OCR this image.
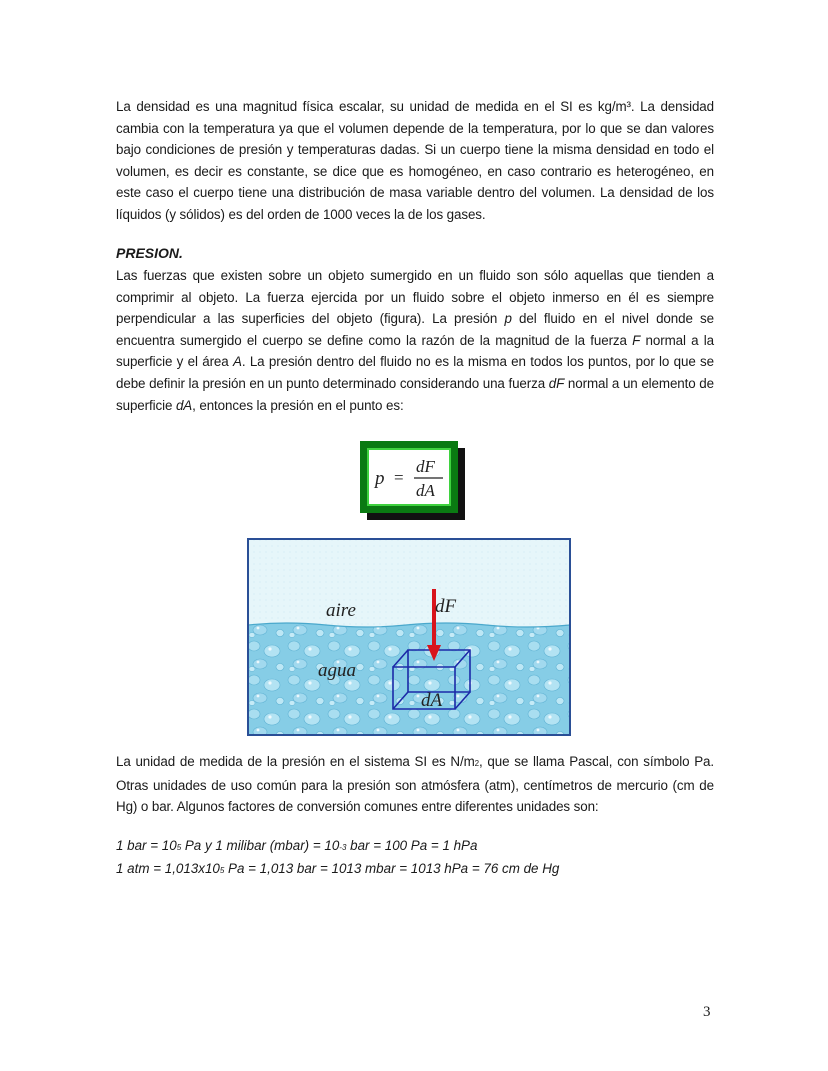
La densidad es una magnitud física escalar, su unidad de medida en el SI es kg/m³. La densidad cambia con la temperatura ya que el volumen depende de la temperatura, por lo que se dan valores bajo condiciones de presión y temperaturas dadas. Si un cuerpo tiene la misma densidad en todo el volumen, es decir es constante, se dice que es homogéneo, en caso contrario es heterogéneo, en este caso el cuerpo tiene una distribución de masa variable dentro del volumen. La densidad de los líquidos (y sólidos) es del orden de 1000 veces la de los gases.

PRESION.

Las fuerzas que existen sobre un objeto sumergido en un fluido son sólo aquellas que tienden a comprimir al objeto. La fuerza ejercida por un fluido sobre el objeto inmerso en él es siempre perpendicular a las superficies del objeto (figura). La presión p del fluido en el nivel donde se encuentra sumergido el cuerpo se define como la razón de la magnitud de la fuerza F normal a la superficie y el área A. La presión dentro del fluido no es la misma en todos los puntos, por lo que se debe definir la presión en un punto determinado considerando una fuerza dF normal a un elemento de superficie dA, entonces la presión en el punto es:

p =
dF
dA
aire
agua
dA
dF

La unidad de medida de la presión en el sistema SI es N/m2, que se llama Pascal, con símbolo Pa. Otras unidades de uso común para la presión son atmósfera (atm), centímetros de mercurio (cm de Hg) o bar. Algunos factores de conversión comunes entre diferentes unidades son:

1 bar = 105 Pa y 1 milibar (mbar) = 10-3 bar = 100 Pa = 1 hPa
1 atm = 1,013x105 Pa = 1,013 bar = 1013 mbar = 1013 hPa = 76 cm de Hg
3
